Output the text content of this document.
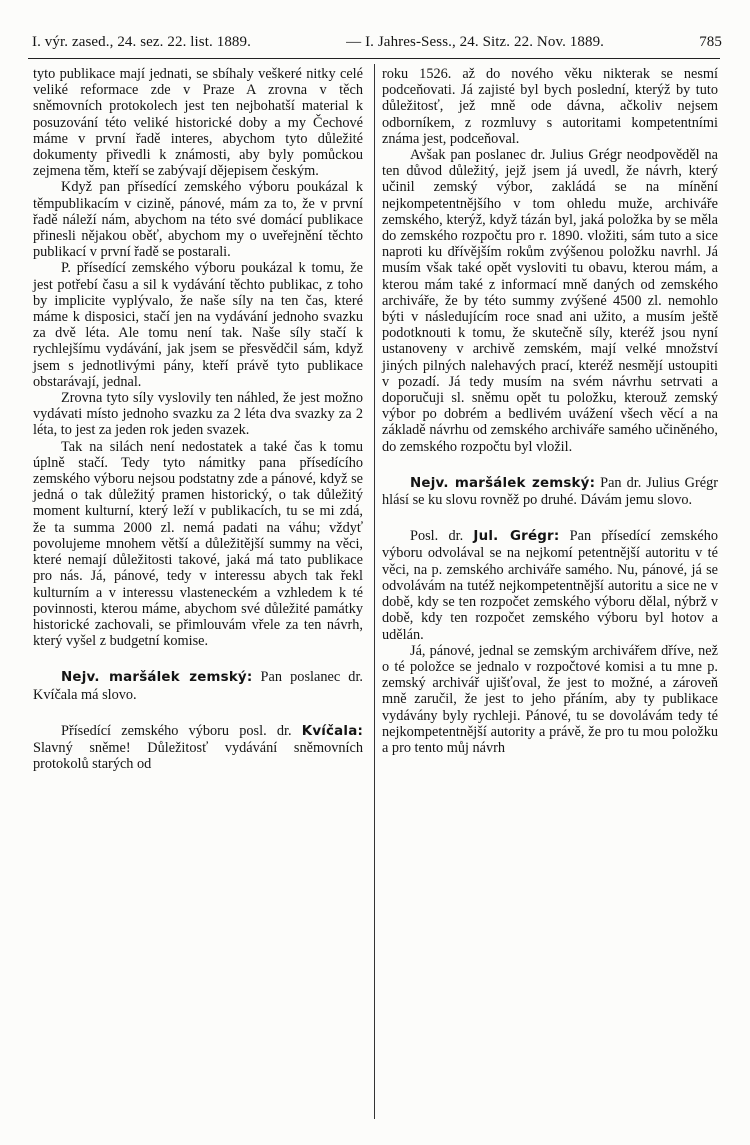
I. výr. zased., 24. sez. 22. list. 1889.	— I. Jahres-Sess., 24. Sitz. 22. Nov. 1889.	785

tyto publikace mají jednati, se sbíhaly veškeré nitky celé veliké reformace zde v Praze A zrovna v těch sněmovních protokolech jest ten nejbohatší material k posuzování této veliké historické doby a my Čechové máme v první řadě interes, abychom tyto důležité dokumenty přivedli k známosti, aby byly pomůckou zejmena těm, kteří se zabývají dějepisem českým.

Když pan přísedící zemského výboru poukázal k těmpublikacím v cizině, pánové, mám za to, že v první řadě náleží nám, abychom na této své domácí publikace přinesli nějakou oběť, abychom my o uveřejnění těchto publikací v první řadě se postarali.

P. přísedící zemského výboru poukázal k tomu, že jest potřebí času a sil k vydávání těchto publikac, z toho by implicite vyplývalo, že naše síly na ten čas, které máme k disposici, stačí jen na vydávání jednoho svazku za dvě léta. Ale tomu není tak. Naše síly stačí k rychlejšímu vydávání, jak jsem se přesvědčil sám, když jsem s jednotlivými pány, kteří právě tyto publikace obstarávají, jednal.

Zrovna tyto síly vyslovily ten náhled, že jest možno vydávati místo jednoho svazku za 2 léta dva svazky za 2 léta, to jest za jeden rok jeden svazek.

Tak na silách není nedostatek a také čas k tomu úplně stačí. Tedy tyto námitky pana přísedícího zemského výboru nejsou podstatny zde a pánové, když se jedná o tak důležitý pramen historický, o tak důležitý moment kulturní, který leží v publikacích, tu se mi zdá, že ta summa 2000 zl. nemá padati na váhu; vždyť povolujeme mnohem větší a důležitější summy na věci, které nemají důležitosti takové, jaká má tato publikace pro nás. Já, pánové, tedy v interessu abych tak řekl kulturním a v interessu vlasteneckém a vzhledem k té povinnosti, kterou máme, abychom své důležité památky historické zachovali, se přimlouvám vřele za ten návrh, který vyšel z budgetní komise.

Nejv. maršálek zemský: Pan poslanec dr. Kvíčala má slovo.

Přísedící zemského výboru posl. dr. Kvíčala: Slavný sněme! Důležitosť vydávání sněmovních protokolů starých od

roku 1526. až do nového věku nikterak se nesmí podceňovati. Já zajisté byl bych poslední, kterýž by tuto důležitosť, jež mně ode dávna, ačkoliv nejsem odborníkem, z rozmluvy s autoritami kompetentními známa jest, podceňoval.

Avšak pan poslanec dr. Julius Grégr neodpověděl na ten důvod důležitý, jejž jsem já uvedl, že návrh, který učinil zemský výbor, zakládá se na mínění nejkompetentnějšího v tom ohledu muže, archiváře zemského, kterýž, když tázán byl, jaká položka by se měla do zemského rozpočtu pro r. 1890. vložiti, sám tuto a sice naproti ku dřívějším rokům zvýšenou položku navrhl. Já musím však také opět vysloviti tu obavu, kterou mám, a kterou mám také z informací mně daných od zemského archiváře, že by této summy zvýšené 4500 zl. nemohlo býti v následujícím roce snad ani užito, a musím ještě podotknouti k tomu, že skutečně síly, kteréž jsou nyní ustanoveny v archivě zemském, mají velké množství jiných pilných nalehavých prací, kteréž nesmějí ustoupiti v pozadí. Já tedy musím na svém návrhu setrvati a doporučuji sl. sněmu opět tu položku, kterouž zemský výbor po dobrém a bedlivém uvážení všech věcí a na základě návrhu od zemského archiváře samého učiněného, do zemského rozpočtu byl vložil.

Nejv. maršálek zemský: Pan dr. Julius Grégr hlásí se ku slovu rovněž po druhé. Dávám jemu slovo.

Posl. dr. Jul. Grégr: Pan přísedící zemského výboru odvolával se na nejkomí petentnější autoritu v té věci, na p. zemského archiváře samého. Nu, pánové, já se odvolávám na tutéž nejkompetentnější autoritu a sice ne v době, kdy se ten rozpočet zemského výboru dělal, nýbrž v době, kdy ten rozpočet zemského výboru byl hotov a udělán.

Já, pánové, jednal se zemským archivářem dříve, než o té položce se jednalo v rozpočtové komisi a tu mne p. zemský archivář ujišťoval, že jest to možné, a zároveň mně zaručil, že jest to jeho přáním, aby ty publikace vydávány byly rychleji. Pánové, tu se dovolávám tedy té nejkompetentnější autority a právě, že pro tu mou položku a pro tento můj návrh
